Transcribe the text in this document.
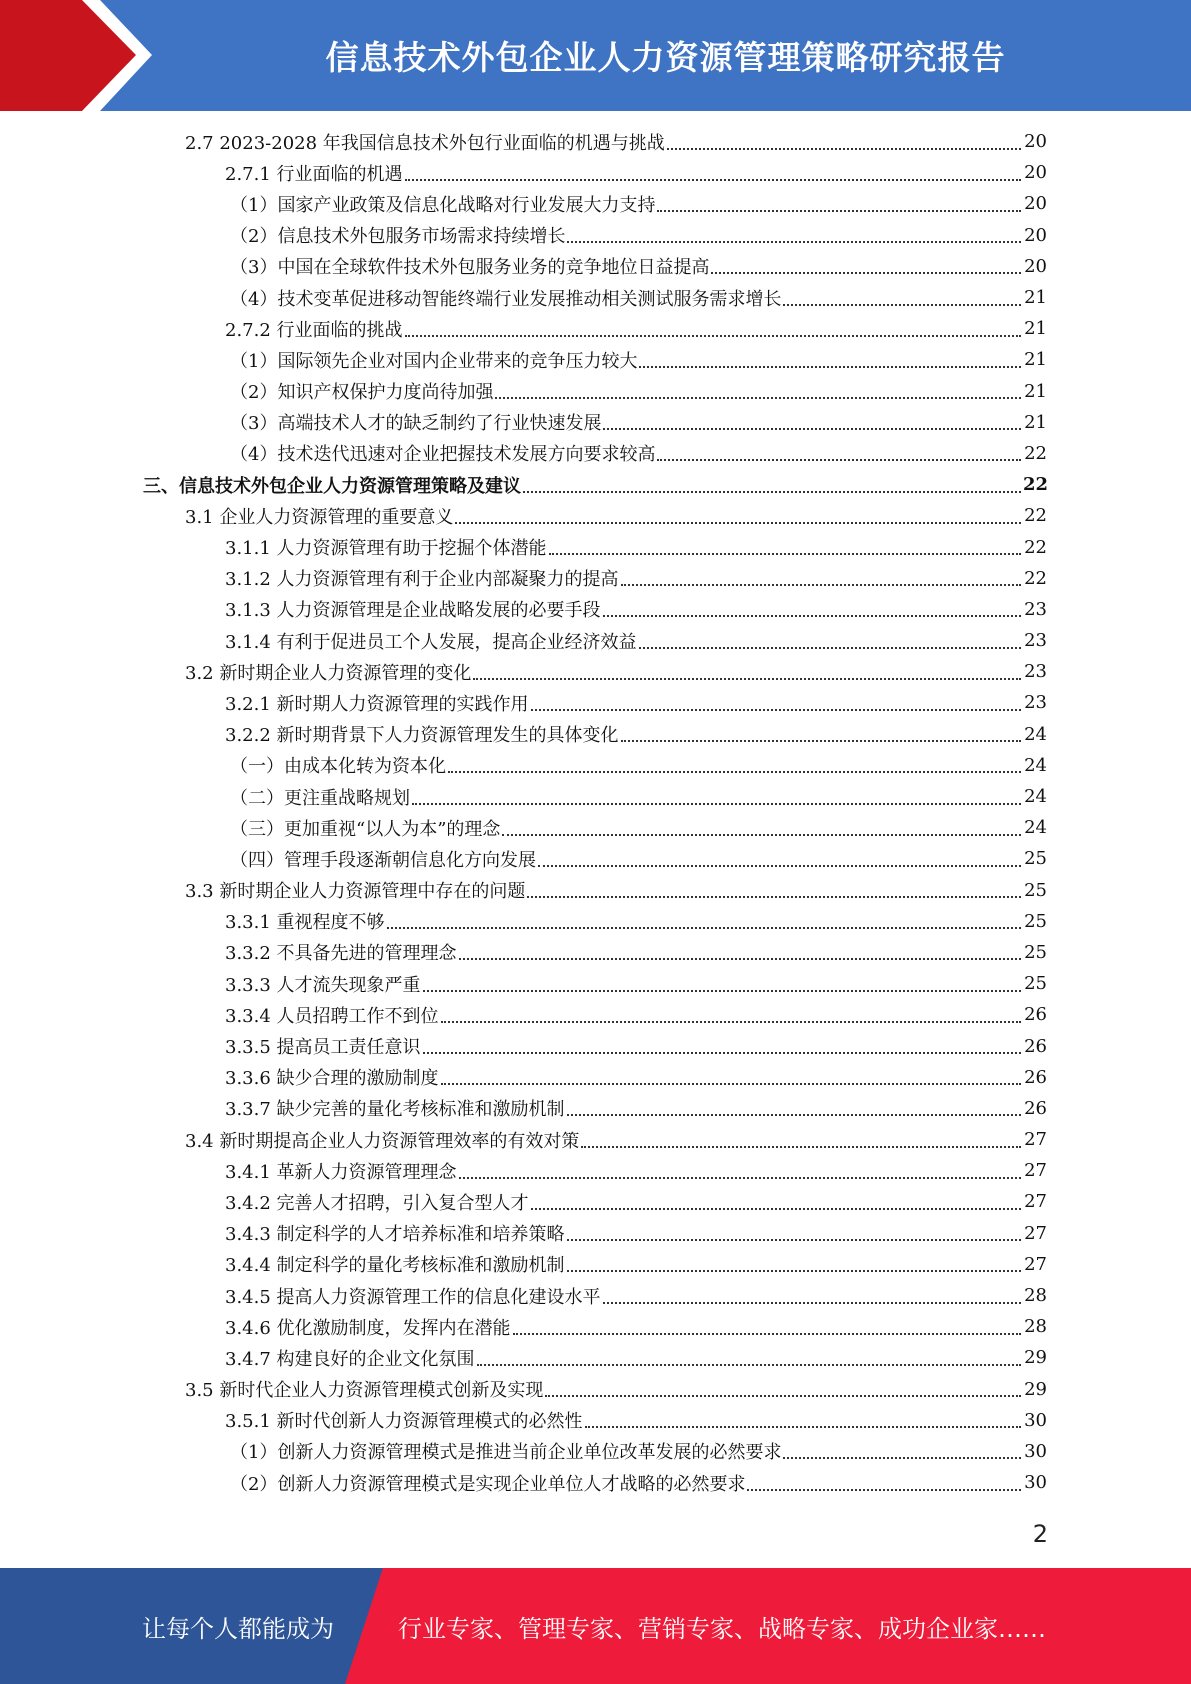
信息技术外包企业人力资源管理策略研究报告
2.7 2023-2028 年我国信息技术外包行业面临的机遇与挑战	20
2.7.1 行业面临的机遇	20
（1）国家产业政策及信息化战略对行业发展大力支持	20
（2）信息技术外包服务市场需求持续增长	20
（3）中国在全球软件技术外包服务业务的竞争地位日益提高	20
（4）技术变革促进移动智能终端行业发展推动相关测试服务需求增长	21
2.7.2 行业面临的挑战	21
（1）国际领先企业对国内企业带来的竞争压力较大	21
（2）知识产权保护力度尚待加强	21
（3）高端技术人才的缺乏制约了行业快速发展	21
（4）技术迭代迅速对企业把握技术发展方向要求较高	22
三、信息技术外包企业人力资源管理策略及建议	22
3.1 企业人力资源管理的重要意义	22
3.1.1 人力资源管理有助于挖掘个体潜能	22
3.1.2 人力资源管理有利于企业内部凝聚力的提高	22
3.1.3 人力资源管理是企业战略发展的必要手段	23
3.1.4 有利于促进员工个人发展，提高企业经济效益	23
3.2 新时期企业人力资源管理的变化	23
3.2.1 新时期人力资源管理的实践作用	23
3.2.2 新时期背景下人力资源管理发生的具体变化	24
（一）由成本化转为资本化	24
（二）更注重战略规划	24
（三）更加重视“以人为本”的理念	24
（四）管理手段逐渐朝信息化方向发展	25
3.3 新时期企业人力资源管理中存在的问题	25
3.3.1 重视程度不够	25
3.3.2 不具备先进的管理理念	25
3.3.3 人才流失现象严重	25
3.3.4 人员招聘工作不到位	26
3.3.5 提高员工责任意识	26
3.3.6 缺少合理的激励制度	26
3.3.7 缺少完善的量化考核标准和激励机制	26
3.4 新时期提高企业人力资源管理效率的有效对策	27
3.4.1 革新人力资源管理理念	27
3.4.2 完善人才招聘，引入复合型人才	27
3.4.3 制定科学的人才培养标准和培养策略	27
3.4.4 制定科学的量化考核标准和激励机制	27
3.4.5 提高人力资源管理工作的信息化建设水平	28
3.4.6 优化激励制度，发挥内在潜能	28
3.4.7 构建良好的企业文化氛围	29
3.5 新时代企业人力资源管理模式创新及实现	29
3.5.1 新时代创新人力资源管理模式的必然性	30
（1）创新人力资源管理模式是推进当前企业单位改革发展的必然要求	30
（2）创新人力资源管理模式是实现企业单位人才战略的必然要求	30
2
让每个人都能成为	行业专家、管理专家、营销专家、战略专家、成功企业家……
